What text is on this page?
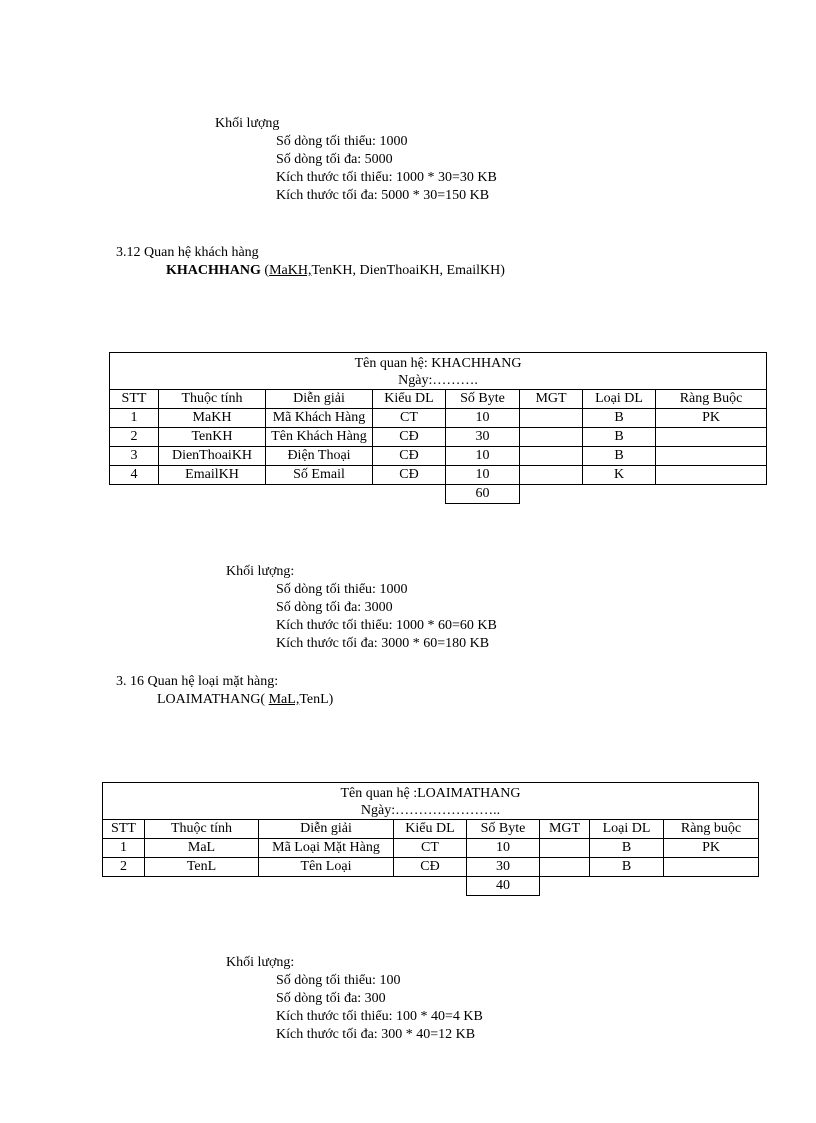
Khối lượng
Số dòng tối thiểu: 1000
Số dòng tối đa: 5000
Kích thước tối thiểu: 1000 * 30=30 KB
Kích thước tối đa: 5000 * 30=150 KB
3.12 Quan hệ khách hàng
KHACHHANG (MaKH,TenKH, DienThoaiKH, EmailKH)
Tên quan hệ: KHACHHANG
Ngày:……….							

STT	Thuộc tính	Diễn giải	Kiểu DL	Số Byte	MGT	Loại DL	Ràng Buộc
1	MaKH	Mã Khách Hàng	CT	10		B	PK
2	TenKH	Tên Khách Hàng	CĐ	30		B	
3	DienThoaiKH	Điện Thoại	CĐ	10		B	
4	EmailKH	Số Email	CĐ	10		K	
				60			
Khối lượng:
Số dòng tối thiểu: 1000
Số dòng tối đa: 3000
Kích thước tối thiểu: 1000 * 60=60 KB
Kích thước tối đa: 3000 * 60=180 KB
3. 16 Quan hệ loại mặt hàng:
LOAIMATHANG( MaL,TenL)
Tên quan hệ :LOAIMATHANG
Ngày:…………………..							

STT	Thuộc tính	Diễn giải	Kiểu DL	Số Byte	MGT	Loại DL	Ràng buộc
1	MaL	Mã Loại Mặt Hàng	CT	10		B	PK
2	TenL	Tên Loại	CĐ	30		B	
				40			
Khối lượng:
Số dòng tối thiểu: 100
Số dòng tối đa: 300
Kích thước tối thiểu: 100 * 40=4 KB
Kích thước tối đa: 300 * 40=12 KB
